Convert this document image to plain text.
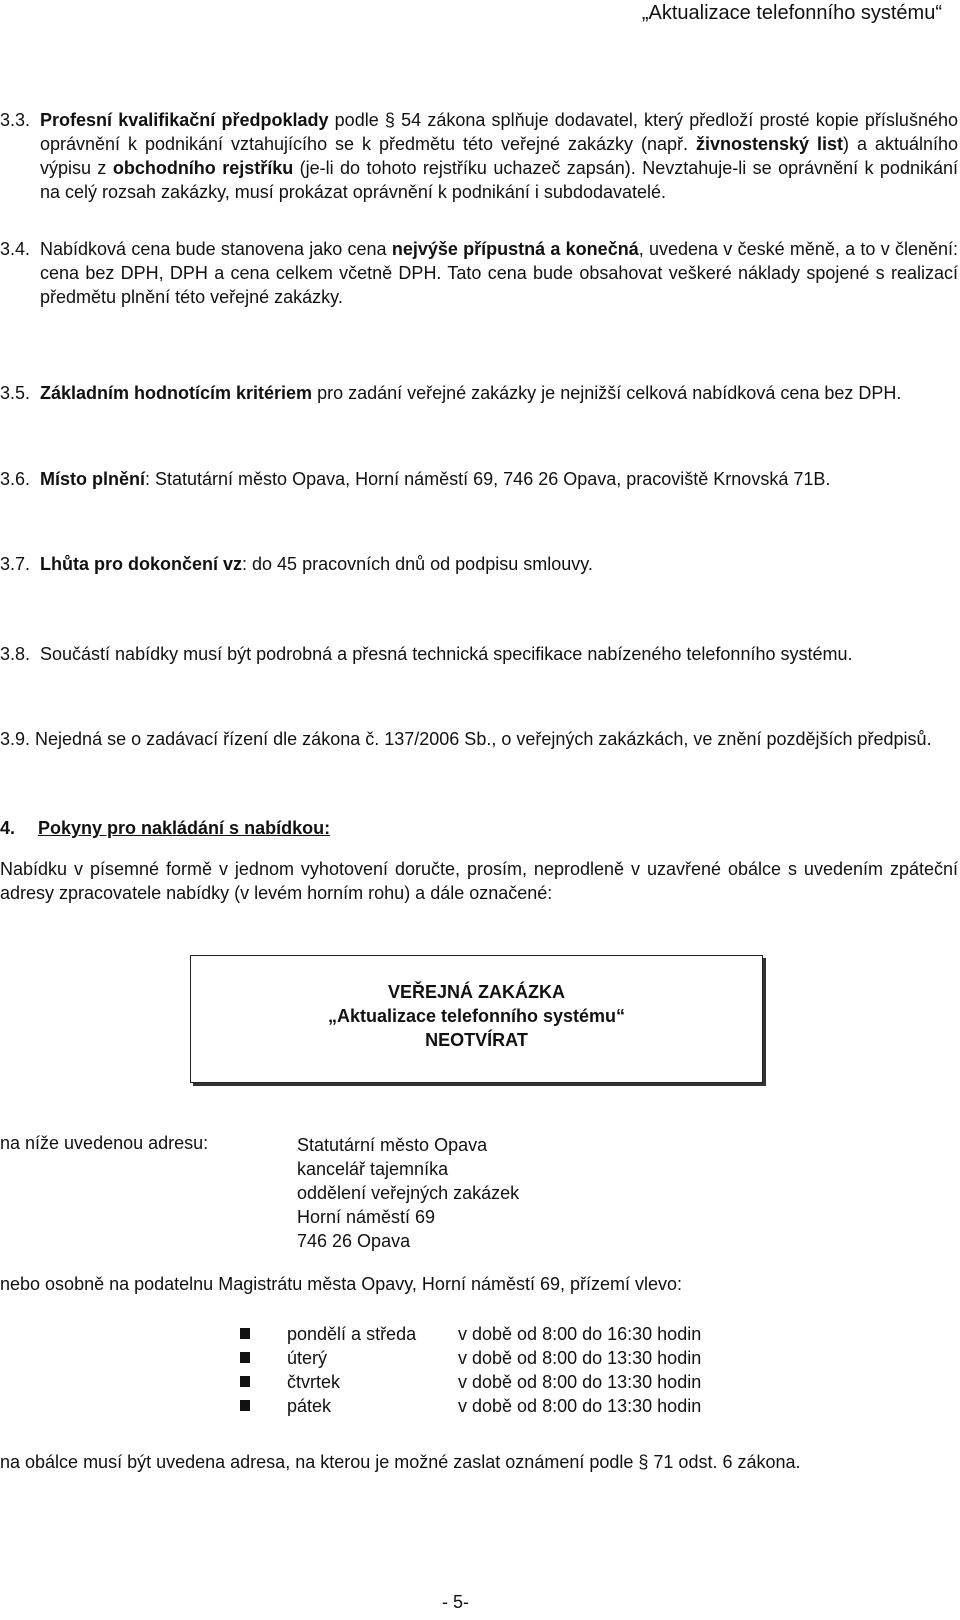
„Aktualizace telefonního systému“
3.3. Profesní kvalifikační předpoklady podle § 54 zákona splňuje dodavatel, který předloží prosté kopie příslušného oprávnění k podnikání vztahujícího se k předmětu této veřejné zakázky (např. živnostenský list) a aktuálního výpisu z obchodního rejstříku (je-li do tohoto rejstříku uchazeč zapsán). Nevztahuje-li se oprávnění k podnikání na celý rozsah zakázky, musí prokázat oprávnění k podnikání i subdodavatelé.
3.4. Nabídková cena bude stanovena jako cena nejvýše přípustná a konečná, uvedena v české měně, a to v členění: cena bez DPH, DPH a cena celkem včetně DPH. Tato cena bude obsahovat veškeré náklady spojené s realizací předmětu plnění této veřejné zakázky.
3.5. Základním hodnotícím kritériem pro zadání veřejné zakázky je nejnižší celková nabídková cena bez DPH.
3.6. Místo plnění: Statutární město Opava, Horní náměstí 69, 746 26 Opava, pracoviště Krnovská 71B.
3.7. Lhůta pro dokončení vz: do 45 pracovních dnů od podpisu smlouvy.
3.8. Součástí nabídky musí být podrobná a přesná technická specifikace nabízeného telefonního systému.
3.9. Nejedná se o zadávací řízení dle zákona č. 137/2006 Sb., o veřejných zakázkách, ve znění pozdějších předpisů.
4. Pokyny pro nakládání s nabídkou:
Nabídku v písemné formě v jednom vyhotovení doručte, prosím, neprodleně v uzavřené obálce s uvedením zpáteční adresy zpracovatele nabídky (v levém horním rohu) a dále označené:
VEŘEJNÁ ZAKÁZKA
„Aktualizace telefonního systému“
NEOTVÍRAT
na níže uvedenou adresu:	Statutární město Opava
kancelář tajemníka
oddělení veřejných zakázek
Horní náměstí 69
746 26 Opava
nebo osobně na podatelnu Magistrátu města Opavy, Horní náměstí 69, přízemí vlevo:
pondělí a středa v době od 8:00 do 16:30 hodin
úterý	v době od 8:00 do 13:30 hodin
čtvrtek	v době od 8:00 do 13:30 hodin
pátek	v době od 8:00 do 13:30 hodin
na obálce musí být uvedena adresa, na kterou je možné zaslat oznámení podle § 71 odst. 6 zákona.
- 5-
